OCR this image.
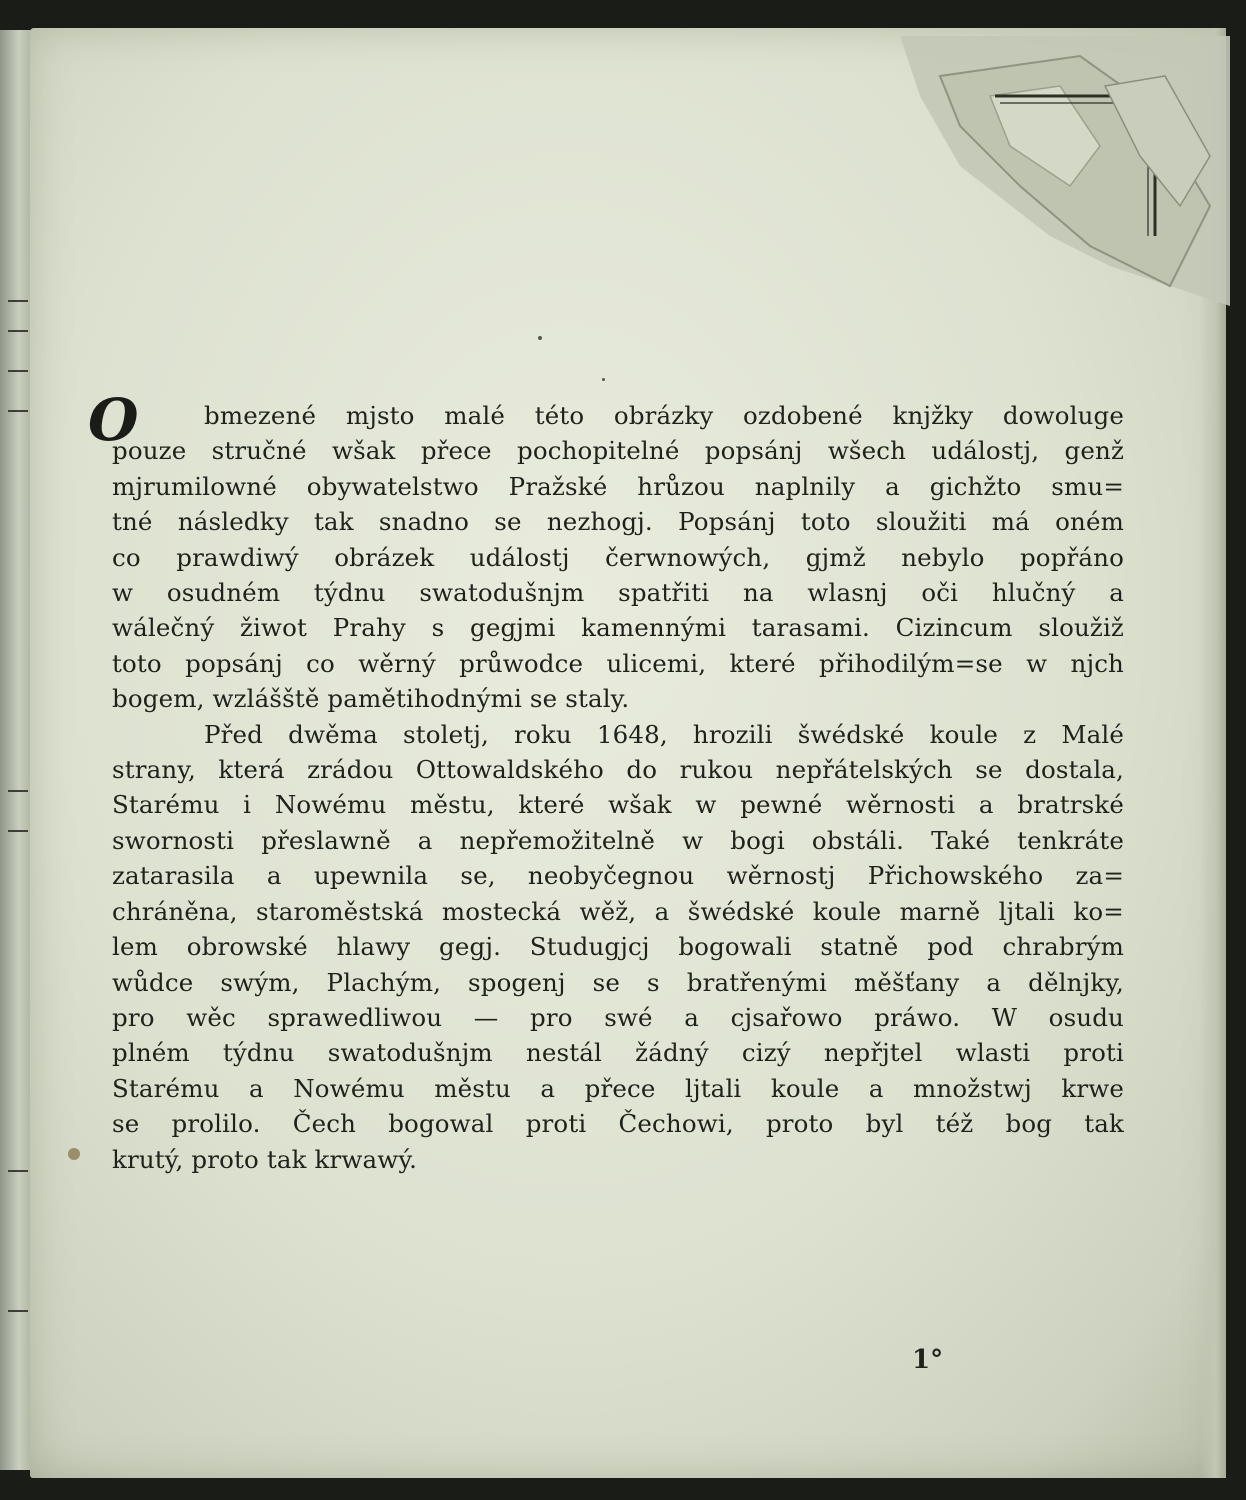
O	bmezené mjsto malé této obrázky ozdobené knjžky dowoluge
pouze stručné wšak přece pochopitelné popsánj wšech událostj, genž
mjrumilowné obywatelstwo Pražské hrůzou naplnily a gichžto smu=
tné následky tak snadno se nezhogj. Popsánj toto sloužiti má oném
co prawdiwý obrázek událostj čerwnowých, gjmž nebylo popřáno
w osudném týdnu swatodušnjm spatřiti na wlasnj oči hlučný a
wálečný žiwot Prahy s gegjmi kamennými tarasami. Cizincum sloužiž
toto popsánj co wěrný průwodce ulicemi, které přihodilým=se w njch
bogem, wzlášště pamětihodnými se staly.
Před dwěma stoletj, roku 1648, hrozili šwédské koule z Malé
strany, která zrádou Ottowaldského do rukou nepřátelských se dostala,
Starému i Nowému městu, které wšak w pewné wěrnosti a bratrské
swornosti přeslawně a nepřemožitelně w bogi obstáli. Také tenkráte
zatarasila a upewnila se, neobyčegnou wěrnostj Přichowského za=
chráněna, staroměstská mostecká wěž, a šwédské koule marně ljtali ko=
lem obrowské hlawy gegj. Studugjcj bogowali statně pod chrabrým
wůdce swým, Plachým, spogenj se s bratřenými měšťany a dělnjky,
pro wěc sprawedliwou — pro swé a cjsařowo práwo. W osudu
plném týdnu swatodušnjm nestál žádný cizý nepřjtel wlasti proti
Starému a Nowému městu a přece ljtali koule a množstwj krwe
se prolilo. Čech bogowal proti Čechowi, proto byl též bog tak
krutý, proto tak krwawý.
1°
